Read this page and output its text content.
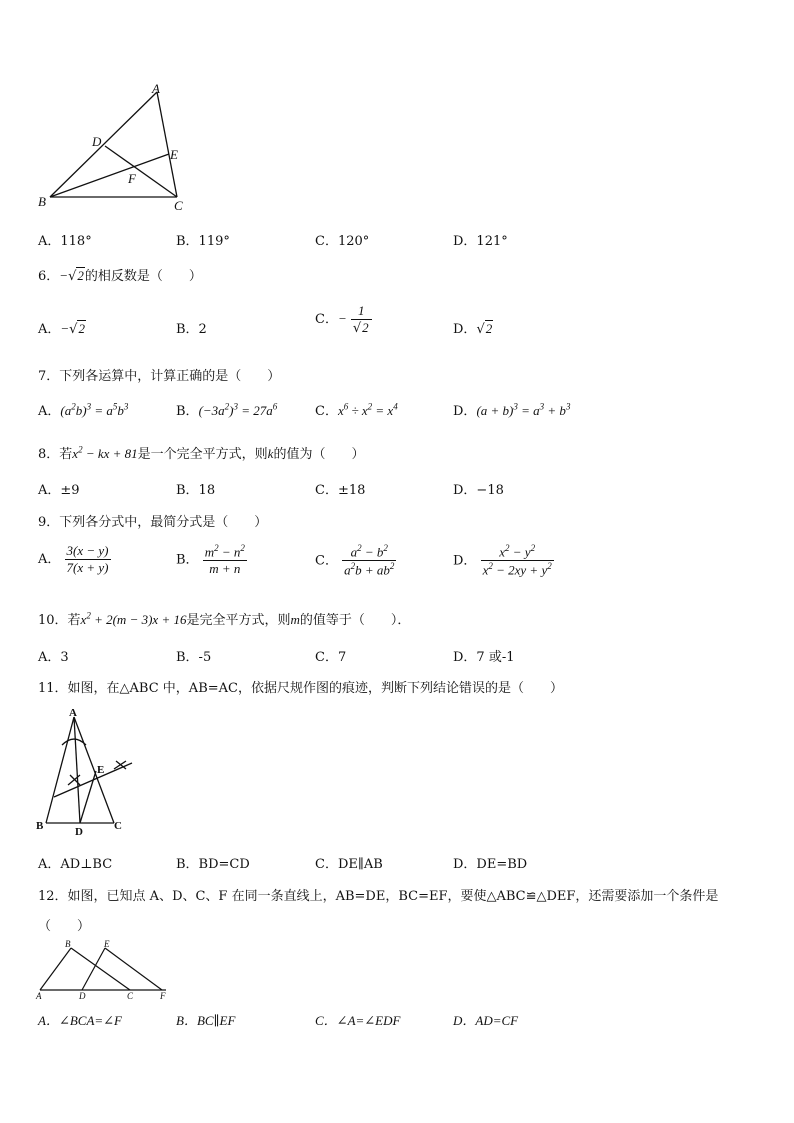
A
D
E
F
B	C
A．118°	B．119°	C．120°	D．121°
6．−√2的相反数是（　　）
A．−√2	B．2
C．− $\frac{1}{√2}$	D．√2
7．下列各运算中，计算正确的是（　　）
A．$(a^2b)^3 = a^5b^3$	B．$(-3a^2)^3 = 27a^6$	C．$x^6 \div x^2 = x^4$	D．$(a + b)^3 = a^3 + b^3$
8．若$x^2$ − kx + 81是一个完全平方式，则k的值为（　　）
A．±9	B．18	C．±18	D．−18
9．下列各分式中，最简分式是（　　）
A． $\frac{3(x - y)}{7(x + y)}$	B． $\frac{m^2 - n^2}{m + n}$	C． $\frac{a^2 - b^2}{a^2b + ab^2}$	D． $\frac{x^2 - y^2}{x^2 - 2xy + y^2}$
10．若$x^2 + 2(m - 3)x + 16$是完全平方式，则m的值等于（　　）．
A．3	B．-5	C．7	D．7 或-1
11．如图，在△ABC 中，AB=AC，依据尺规作图的痕迹，判断下列结论错误的是（　　）
A
E
B	D	C
A．AD⊥BC	B．BD=CD	C．DE∥AB	D．DE=BD
12．如图，已知点 A、D、C、F 在同一条直线上，AB=DE，BC=EF，要使△ABC≌△DEF，还需要添加一个条件是
（　　）
B	E
A	D	C	F
A．∠BCA=∠F	B．BC∥EF	C．∠A=∠EDF	D．AD=CF
